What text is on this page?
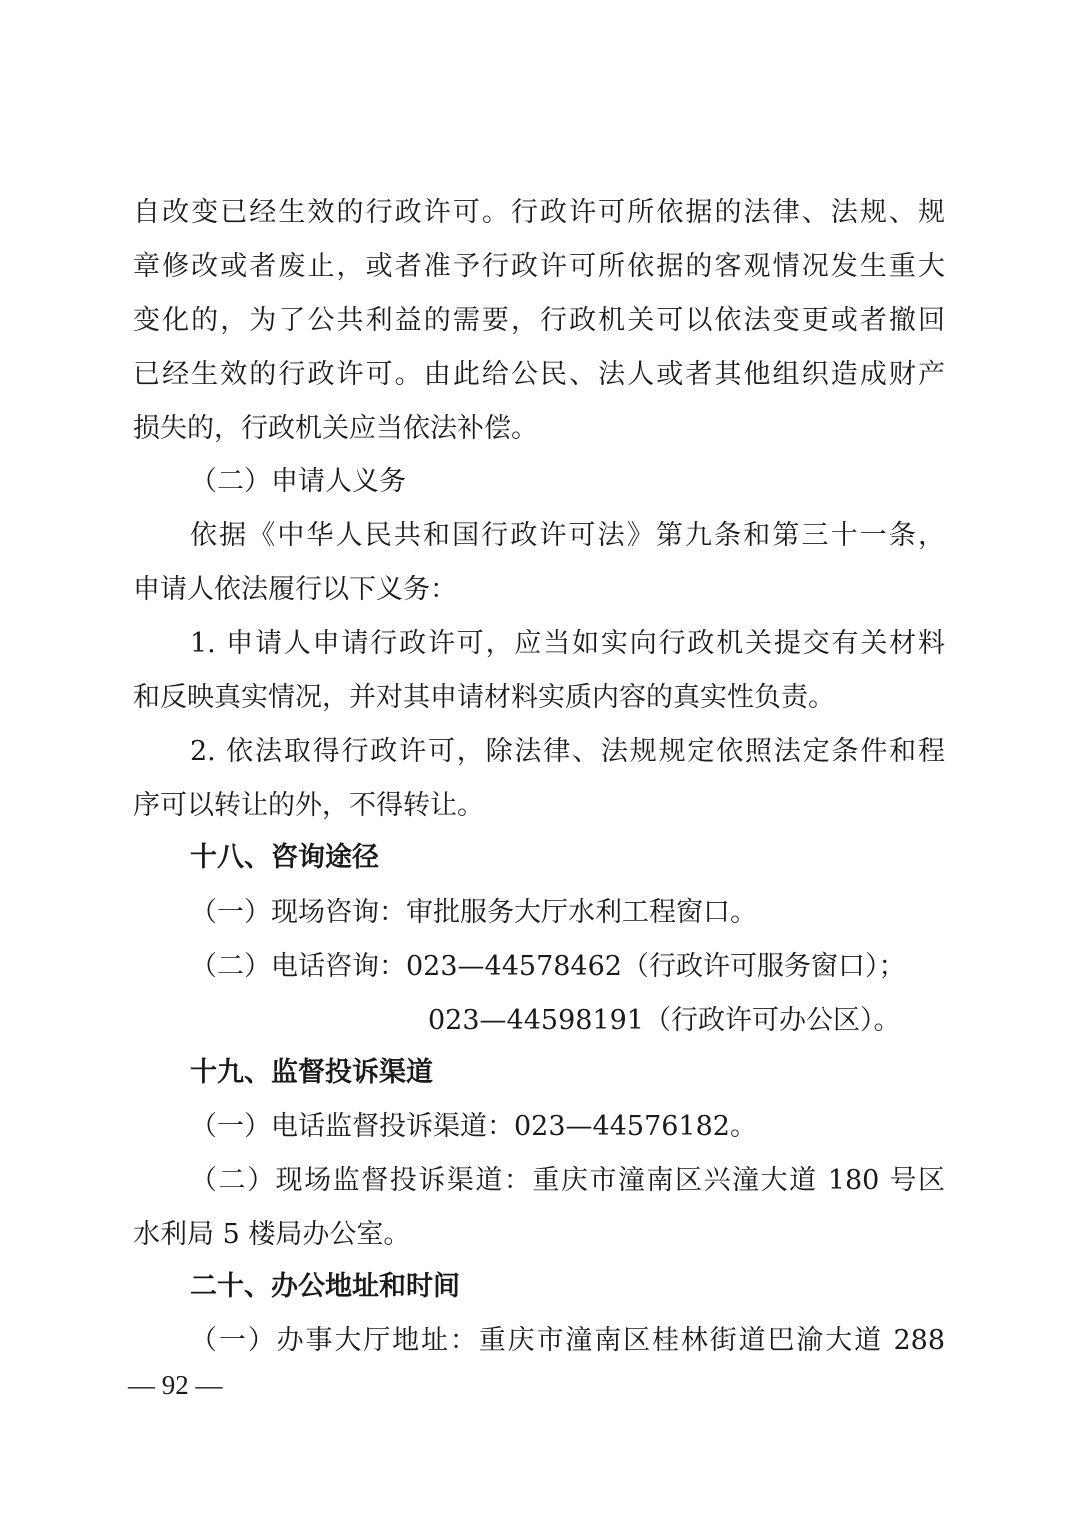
自改变已经生效的行政许可。行政许可所依据的法律、法规、规
章修改或者废止，或者准予行政许可所依据的客观情况发生重大
变化的，为了公共利益的需要，行政机关可以依法变更或者撤回
已经生效的行政许可。由此给公民、法人或者其他组织造成财产
损失的，行政机关应当依法补偿。
（二）申请人义务
依据《中华人民共和国行政许可法》第九条和第三十一条，
申请人依法履行以下义务：
1. 申请人申请行政许可，应当如实向行政机关提交有关材料
和反映真实情况，并对其申请材料实质内容的真实性负责。
2. 依法取得行政许可，除法律、法规规定依照法定条件和程
序可以转让的外，不得转让。
十八、咨询途径
（一）现场咨询：审批服务大厅水利工程窗口。
（二）电话咨询：023—44578462（行政许可服务窗口）；
023—44598191（行政许可办公区）。
十九、监督投诉渠道
（一）电话监督投诉渠道：023—44576182。
（二）现场监督投诉渠道：重庆市潼南区兴潼大道 180 号区
水利局 5 楼局办公室。
二十、办公地址和时间
（一）办事大厅地址：重庆市潼南区桂林街道巴渝大道 288
— 92 —
